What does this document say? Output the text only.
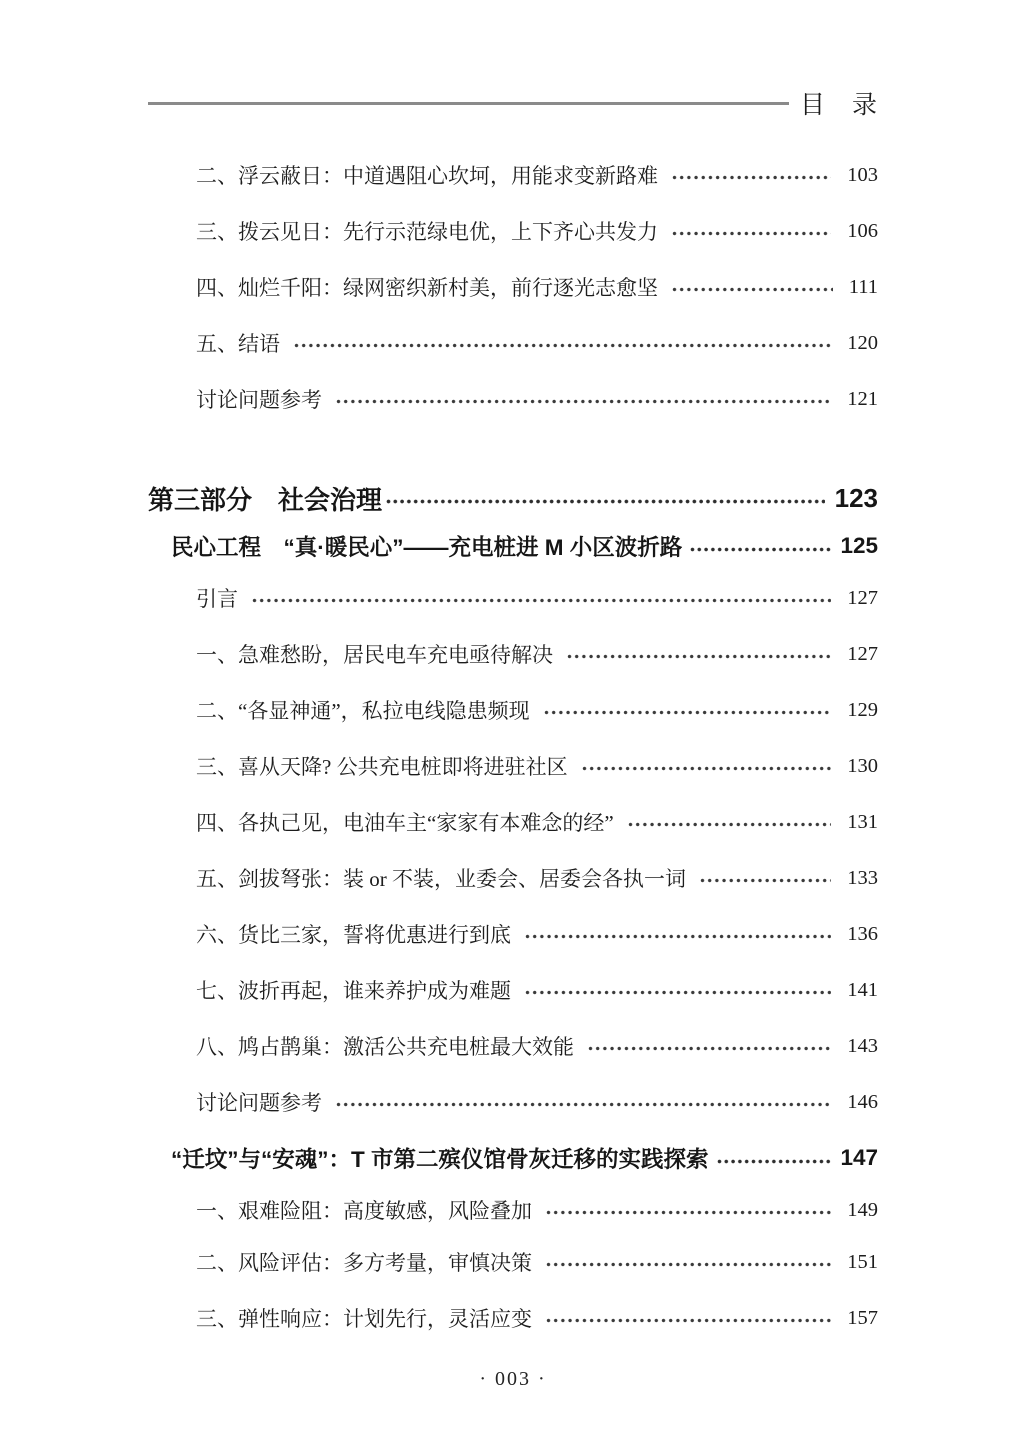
目　录
二、浮云蔽日：中道遇阻心坎坷，用能求变新路难	103
三、拨云见日：先行示范绿电优，上下齐心共发力	106
四、灿烂千阳：绿网密织新村美，前行逐光志愈坚	111
五、结语	120
讨论问题参考	121
第三部分　社会治理	123
民心工程　“真·暖民心”——充电桩进 M 小区波折路	125
引言	127
一、急难愁盼，居民电车充电亟待解决	127
二、“各显神通”，私拉电线隐患频现	129
三、喜从天降? 公共充电桩即将进驻社区	130
四、各执己见，电油车主“家家有本难念的经”	131
五、剑拔弩张：装 or 不装，业委会、居委会各执一词	133
六、货比三家，誓将优惠进行到底	136
七、波折再起，谁来养护成为难题	141
八、鸠占鹊巢：激活公共充电桩最大效能	143
讨论问题参考	146
“迁坟”与“安魂”：T 市第二殡仪馆骨灰迁移的实践探索	147
一、艰难险阻：高度敏感，风险叠加	149
二、风险评估：多方考量，审慎决策	151
三、弹性响应：计划先行，灵活应变	157
· 003 ·
